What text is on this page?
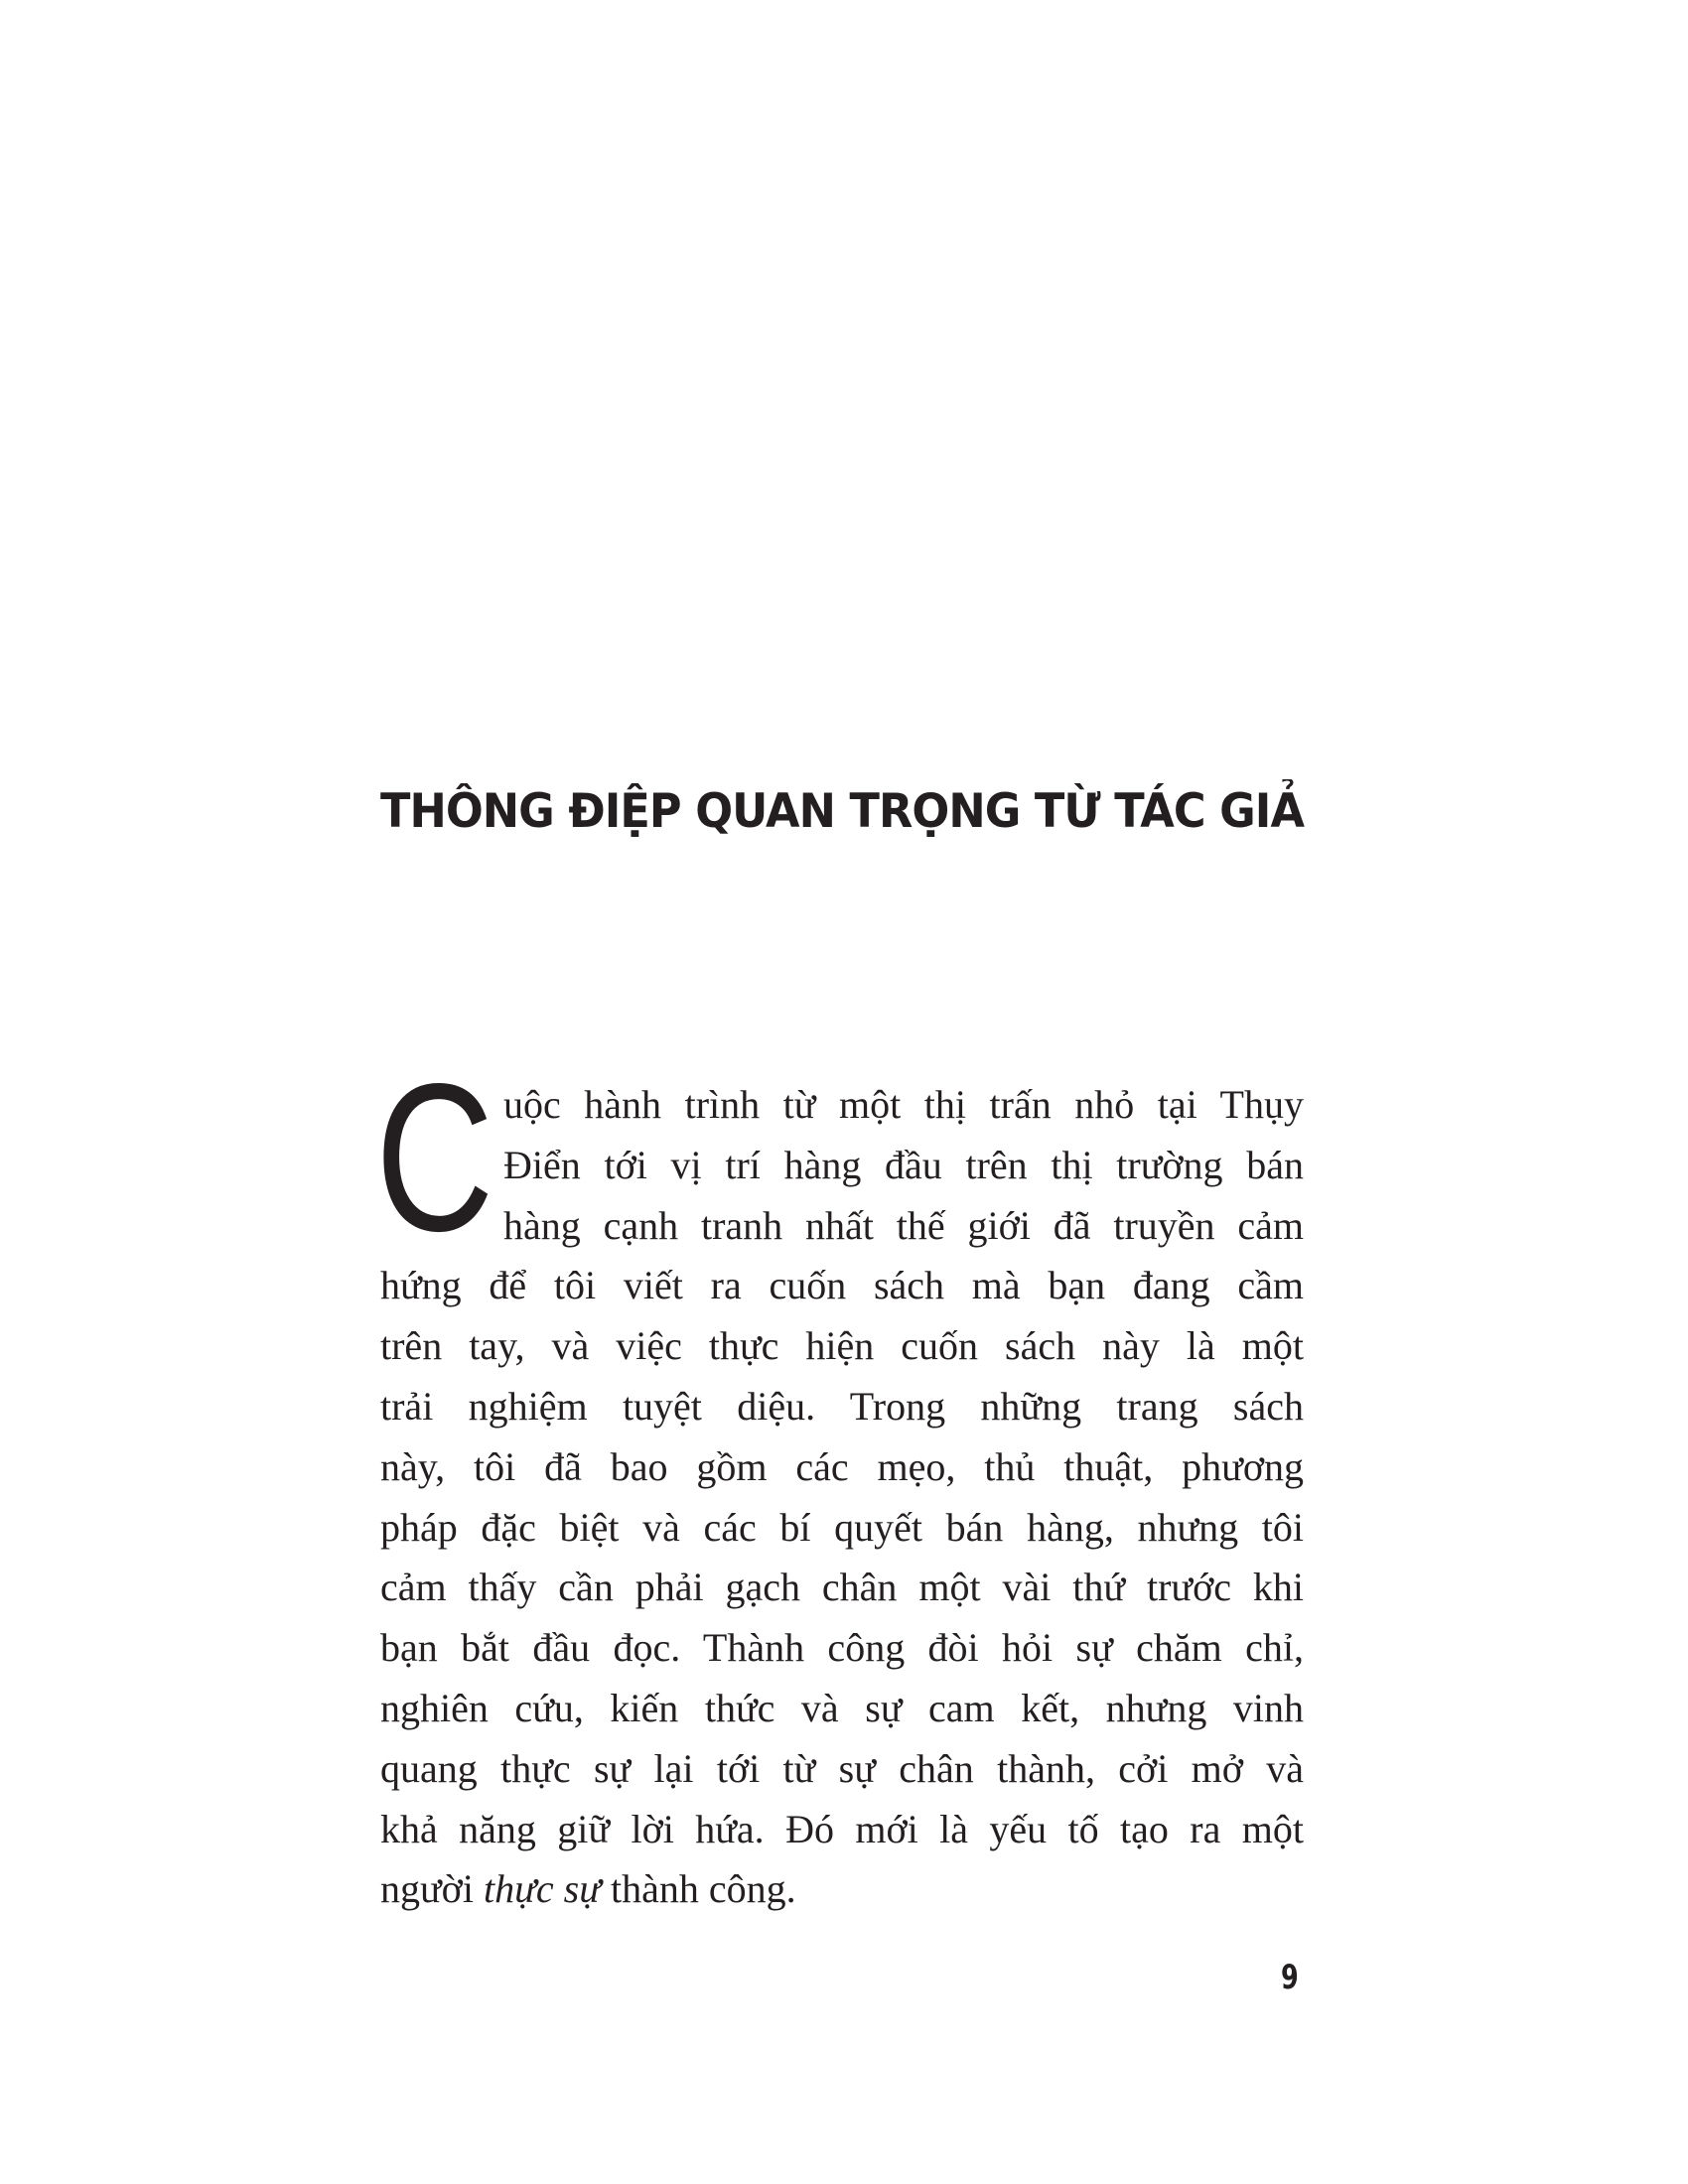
THÔNG ĐIỆP QUAN TRỌNG TỪ TÁC GIẢ
C uộc hành trình từ một thị trấn nhỏ tại Thụy
Điển tới vị trí hàng đầu trên thị trường bán
hàng cạnh tranh nhất thế giới đã truyền cảm
hứng để tôi viết ra cuốn sách mà bạn đang cầm
trên tay, và việc thực hiện cuốn sách này là một
trải nghiệm tuyệt diệu. Trong những trang sách
này, tôi đã bao gồm các mẹo, thủ thuật, phương
pháp đặc biệt và các bí quyết bán hàng, nhưng tôi
cảm thấy cần phải gạch chân một vài thứ trước khi
bạn bắt đầu đọc. Thành công đòi hỏi sự chăm chỉ,
nghiên cứu, kiến thức và sự cam kết, nhưng vinh
quang thực sự lại tới từ sự chân thành, cởi mở và
khả năng giữ lời hứa. Đó mới là yếu tố tạo ra một
người thực sự thành công.
9
